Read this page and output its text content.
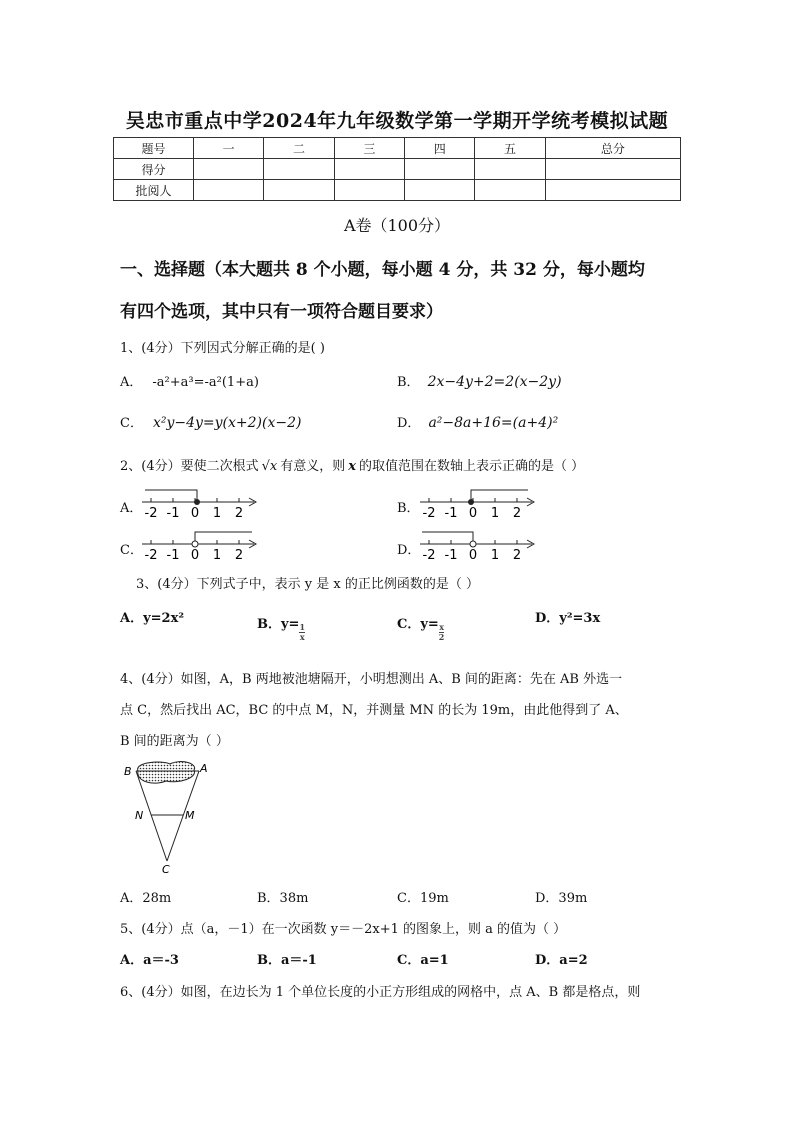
吴忠市重点中学2024年九年级数学第一学期开学统考模拟试题
题号	一	二	三	四	五	总分
得分						
批阅人						
A卷（100分）
一、选择题（本大题共 8 个小题，每小题 4 分，共 32 分，每小题均
有四个选项，其中只有一项符合题目要求）
1、(4分）下列因式分解正确的是( )
A． -a²+a³=-a²(1+a)	B． 2x−4y+2=2(x−2y)
C． x²y−4y=y(x+2)(x−2)	D． a²−8a+16=(a+4)²
2、(4分）要使二次根式 √x 有意义，则 x 的取值范围在数轴上表示正确的是（ ）
A．	B．
C．	D．
-2 -1 0 1 2	-2 -1 0 1 2
-2 -1 0 1 2	-2 -1 0 1 2
3、(4分）下列式子中，表示 y 是 x 的正比例函数的是（ ）
A．y=2x²	B．$y= \frac{1}{x}$	C．$y= \frac{x}{2}$
D．y²=3x
4、(4分）如图，A，B 两地被池塘隔开，小明想测出 A、B 间的距离：先在 AB 外选一
点 C，然后找出 AC，BC 的中点 M，N，并测量 MN 的长为 19m，由此他得到了 A、
B 间的距离为（ ）
B	A
N	M
C
A．28m	B．38m	C．19m	D．39m
5、(4分）点（a，－1）在一次函数 y＝－2x+1 的图象上，则 a 的值为（ ）
A．a＝-3	B．a＝-1	C．a=1	D．a=2
6、(4分）如图，在边长为 1 个单位长度的小正方形组成的网格中，点 A、B 都是格点，则
